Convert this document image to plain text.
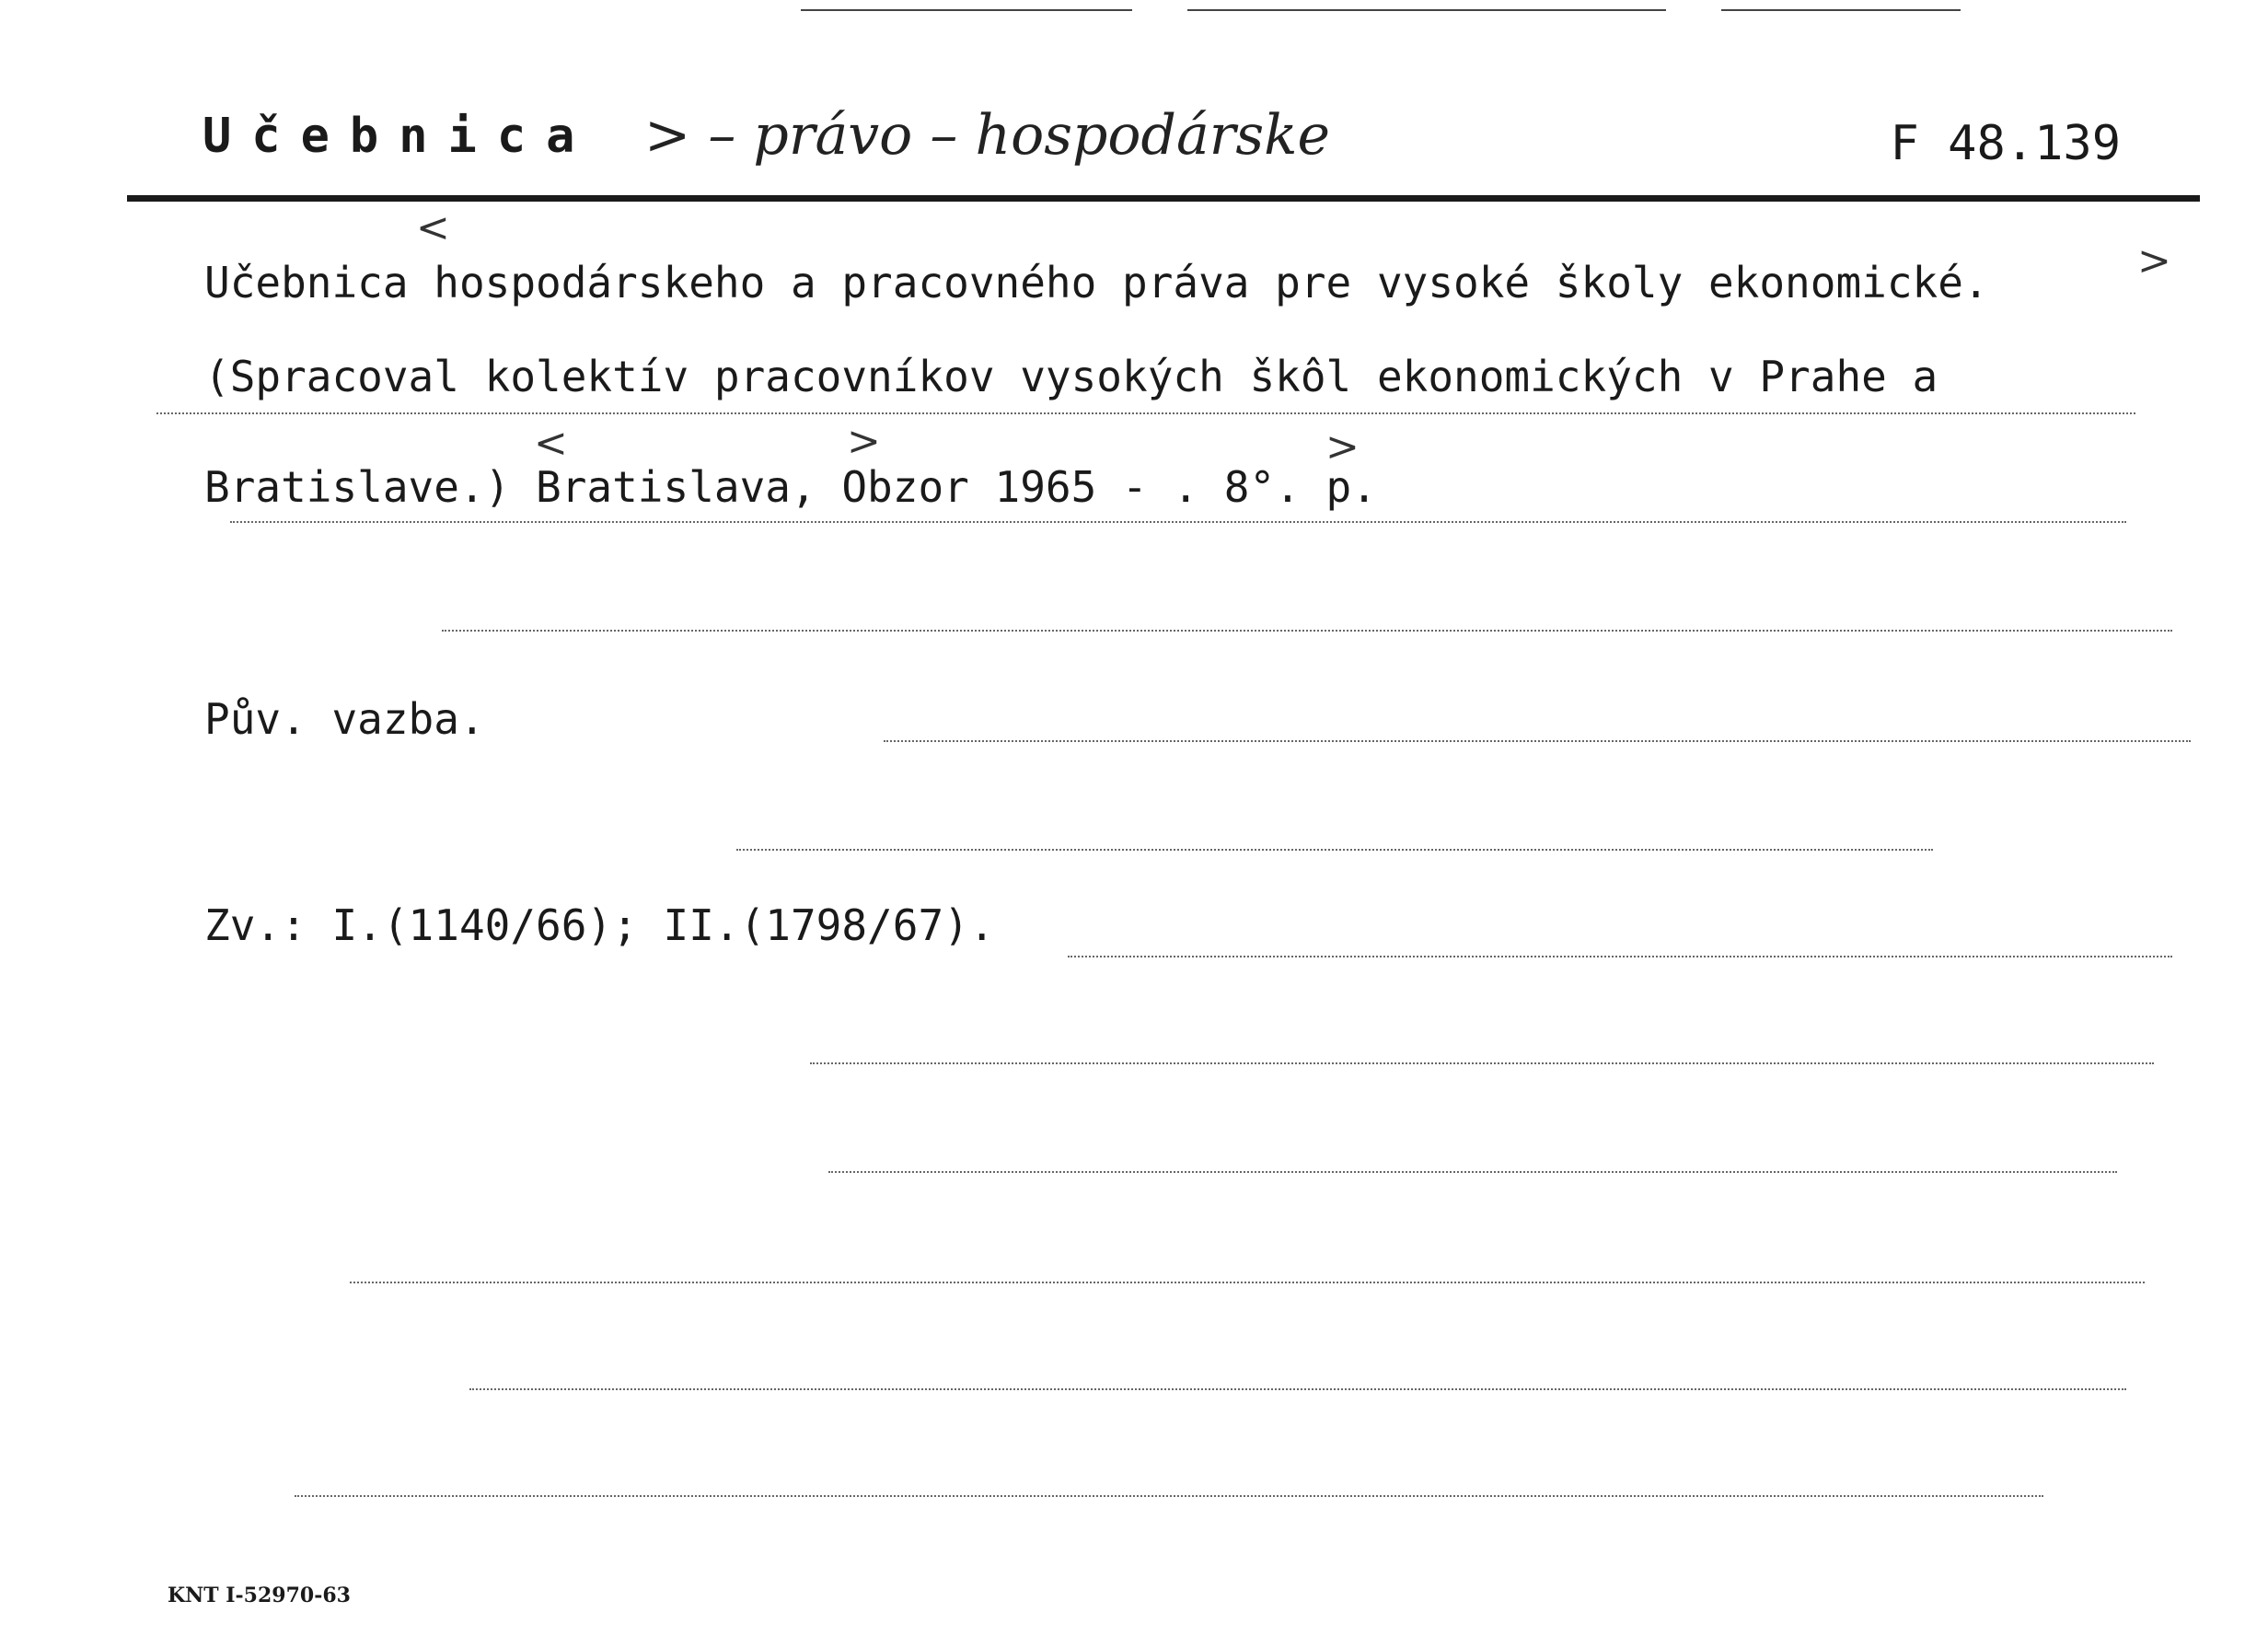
Učebnica > – právo – hospodárske	F 48.139
<
>
<	>	>
Učebnica hospodárskeho a pracovného práva pre vysoké školy ekonomické.
(Spracoval kolektív pracovníkov vysokých škôl ekonomických v Prahe a
Bratislave.) Bratislava, Obzor 1965 - . 8°. p.
Pův. vazba.
Zv.: I.(1140/66); II.(1798/67).
KNT I-52970-63
